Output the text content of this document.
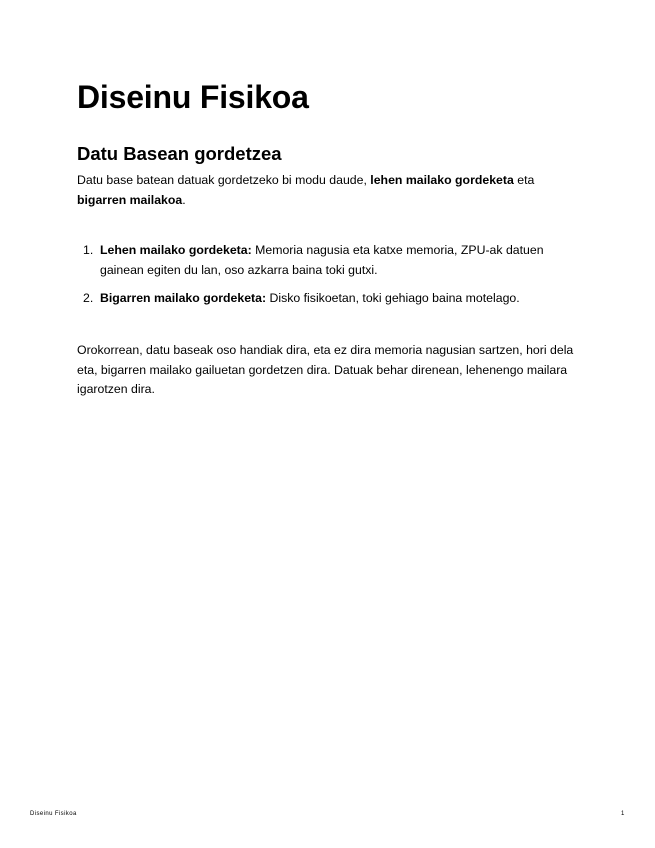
Diseinu Fisikoa
Datu Basean gordetzea

Datu base batean datuak gordetzeko bi modu daude, lehen mailako gordeketa eta bigarren mailakoa.

1. Lehen mailako gordeketa: Memoria nagusia eta katxe memoria, ZPU-ak datuen gainean egiten du lan, oso azkarra baina toki gutxi.
2. Bigarren mailako gordeketa: Disko fisikoetan, toki gehiago baina motelago.

Orokorrean, datu baseak oso handiak dira, eta ez dira memoria nagusian sartzen, hori dela eta, bigarren mailako gailuetan gordetzen dira. Datuak behar direnean, lehenengo mailara igarotzen dira.

Diseinu Fisikoa	1
